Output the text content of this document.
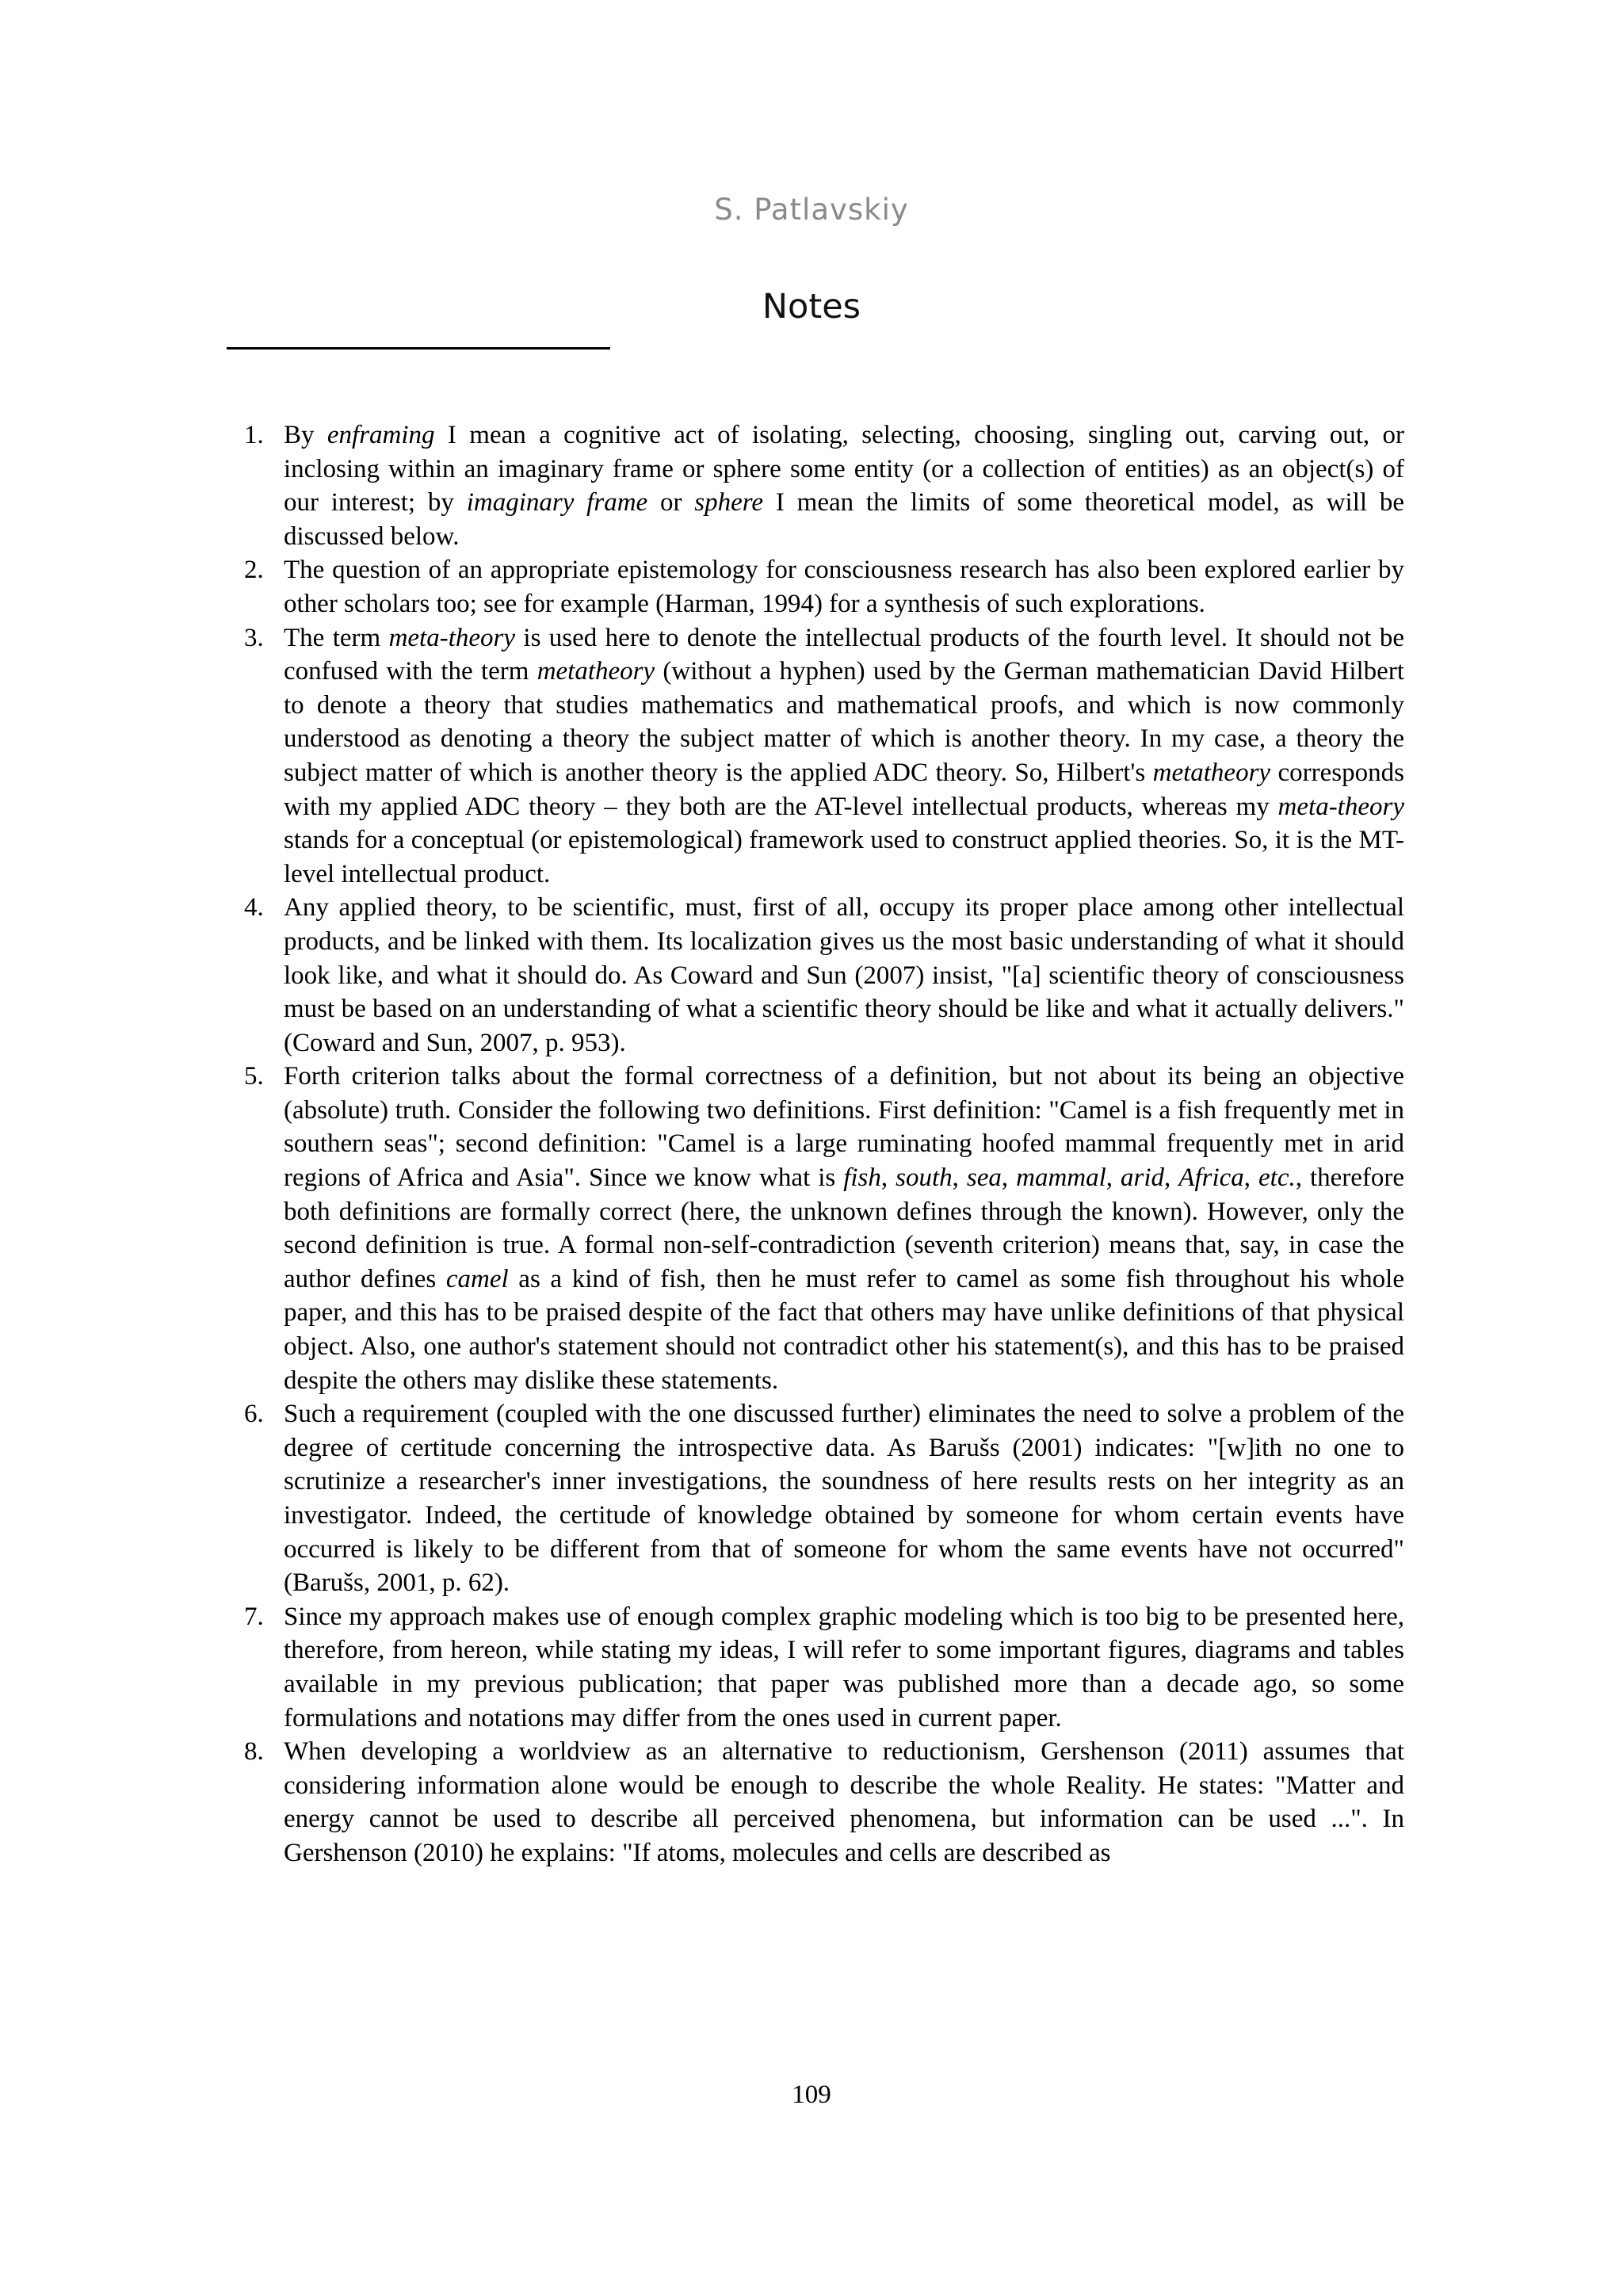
S. Patlavskiy
Notes
1. By enframing I mean a cognitive act of isolating, selecting, choosing, singling out, carving out, or inclosing within an imaginary frame or sphere some entity (or a collection of entities) as an object(s) of our interest; by imaginary frame or sphere I mean the limits of some theoretical model, as will be discussed below.
2. The question of an appropriate epistemology for consciousness research has also been explored earlier by other scholars too; see for example (Harman, 1994) for a synthesis of such explorations.
3. The term meta-theory is used here to denote the intellectual products of the fourth level. It should not be confused with the term metatheory (without a hyphen) used by the German mathematician David Hilbert to denote a theory that studies mathematics and mathematical proofs, and which is now commonly understood as denoting a theory the subject matter of which is another theory. In my case, a theory the subject matter of which is another theory is the applied ADC theory. So, Hilbert's metatheory corresponds with my applied ADC theory – they both are the AT-level intellectual products, whereas my meta-theory stands for a conceptual (or epistemological) framework used to construct applied theories. So, it is the MT-level intellectual product.
4. Any applied theory, to be scientific, must, first of all, occupy its proper place among other intellectual products, and be linked with them. Its localization gives us the most basic understanding of what it should look like, and what it should do. As Coward and Sun (2007) insist, "[a] scientific theory of consciousness must be based on an understanding of what a scientific theory should be like and what it actually delivers." (Coward and Sun, 2007, p. 953).
5. Forth criterion talks about the formal correctness of a definition, but not about its being an objective (absolute) truth. Consider the following two definitions. First definition: "Camel is a fish frequently met in southern seas"; second definition: "Camel is a large ruminating hoofed mammal frequently met in arid regions of Africa and Asia". Since we know what is fish, south, sea, mammal, arid, Africa, etc., therefore both definitions are formally correct (here, the unknown defines through the known). However, only the second definition is true. A formal non-self-contradiction (seventh criterion) means that, say, in case the author defines camel as a kind of fish, then he must refer to camel as some fish throughout his whole paper, and this has to be praised despite of the fact that others may have unlike definitions of that physical object. Also, one author's statement should not contradict other his statement(s), and this has to be praised despite the others may dislike these statements.
6. Such a requirement (coupled with the one discussed further) eliminates the need to solve a problem of the degree of certitude concerning the introspective data. As Barušs (2001) indicates: "[w]ith no one to scrutinize a researcher's inner investigations, the soundness of here results rests on her integrity as an investigator. Indeed, the certitude of knowledge obtained by someone for whom certain events have occurred is likely to be different from that of someone for whom the same events have not occurred" (Barušs, 2001, p. 62).
7. Since my approach makes use of enough complex graphic modeling which is too big to be presented here, therefore, from hereon, while stating my ideas, I will refer to some important figures, diagrams and tables available in my previous publication; that paper was published more than a decade ago, so some formulations and notations may differ from the ones used in current paper.
8. When developing a worldview as an alternative to reductionism, Gershenson (2011) assumes that considering information alone would be enough to describe the whole Reality. He states: "Matter and energy cannot be used to describe all perceived phenomena, but information can be used ...". In Gershenson (2010) he explains: "If atoms, molecules and cells are described as
109
